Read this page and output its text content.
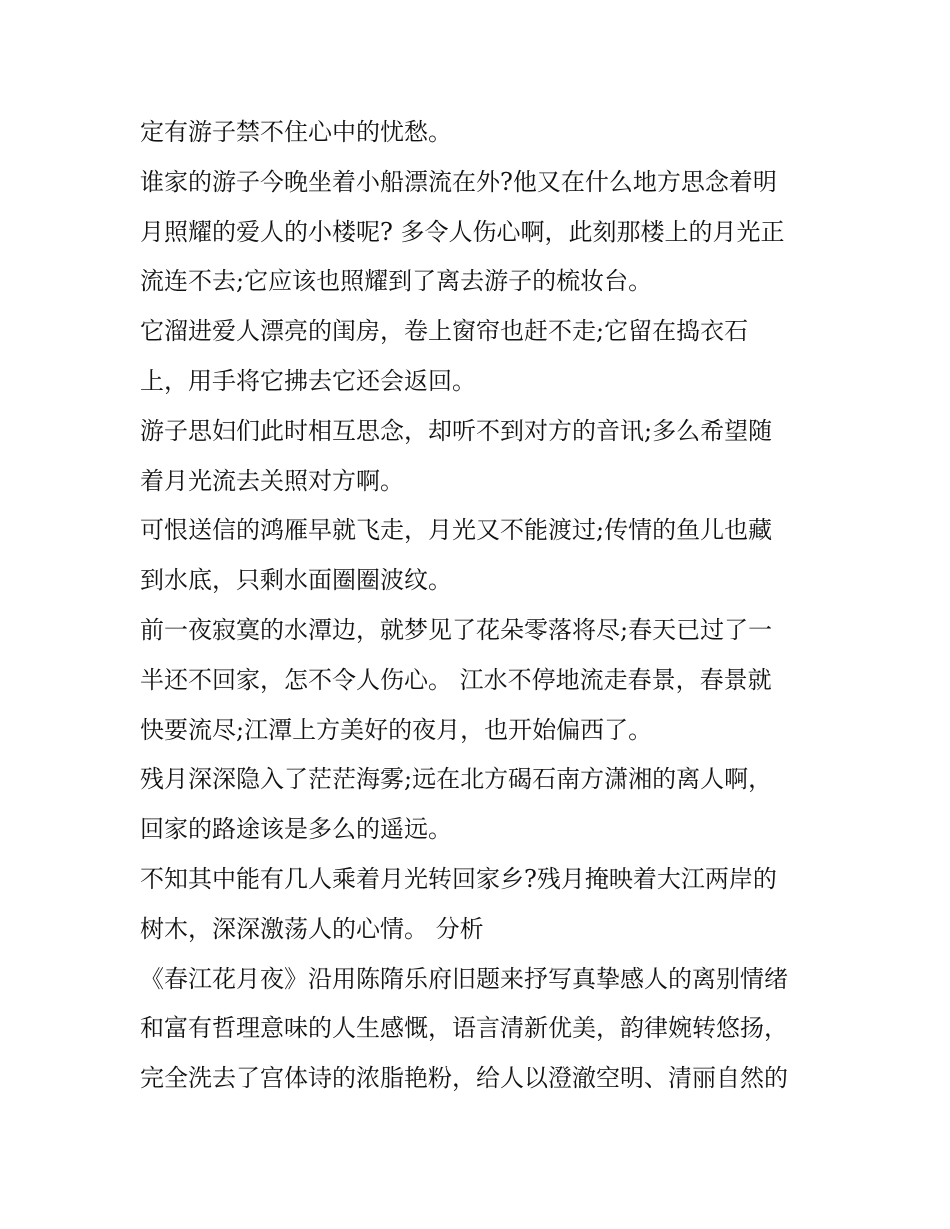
定有游子禁不住心中的忧愁。
谁家的游子今晚坐着小船漂流在外?他又在什么地方思念着明
月照耀的爱人的小楼呢? 多令人伤心啊，此刻那楼上的月光正
流连不去;它应该也照耀到了离去游子的梳妆台。
它溜进爱人漂亮的闺房，卷上窗帘也赶不走;它留在捣衣石
上，用手将它拂去它还会返回。
游子思妇们此时相互思念，却听不到对方的音讯;多么希望随
着月光流去关照对方啊。
可恨送信的鸿雁早就飞走，月光又不能渡过;传情的鱼儿也藏
到水底，只剩水面圈圈波纹。
前一夜寂寞的水潭边，就梦见了花朵零落将尽;春天已过了一
半还不回家，怎不令人伤心。 江水不停地流走春景，春景就
快要流尽;江潭上方美好的夜月，也开始偏西了。
残月深深隐入了茫茫海雾;远在北方碣石南方潇湘的离人啊，
回家的路途该是多么的遥远。
不知其中能有几人乘着月光转回家乡?残月掩映着大江两岸的
树木，深深激荡人的心情。 分析
《春江花月夜》沿用陈隋乐府旧题来抒写真挚感人的离别情绪
和富有哲理意味的人生感慨，语言清新优美，韵律婉转悠扬，
完全洗去了宫体诗的浓脂艳粉，给人以澄澈空明、清丽自然的
